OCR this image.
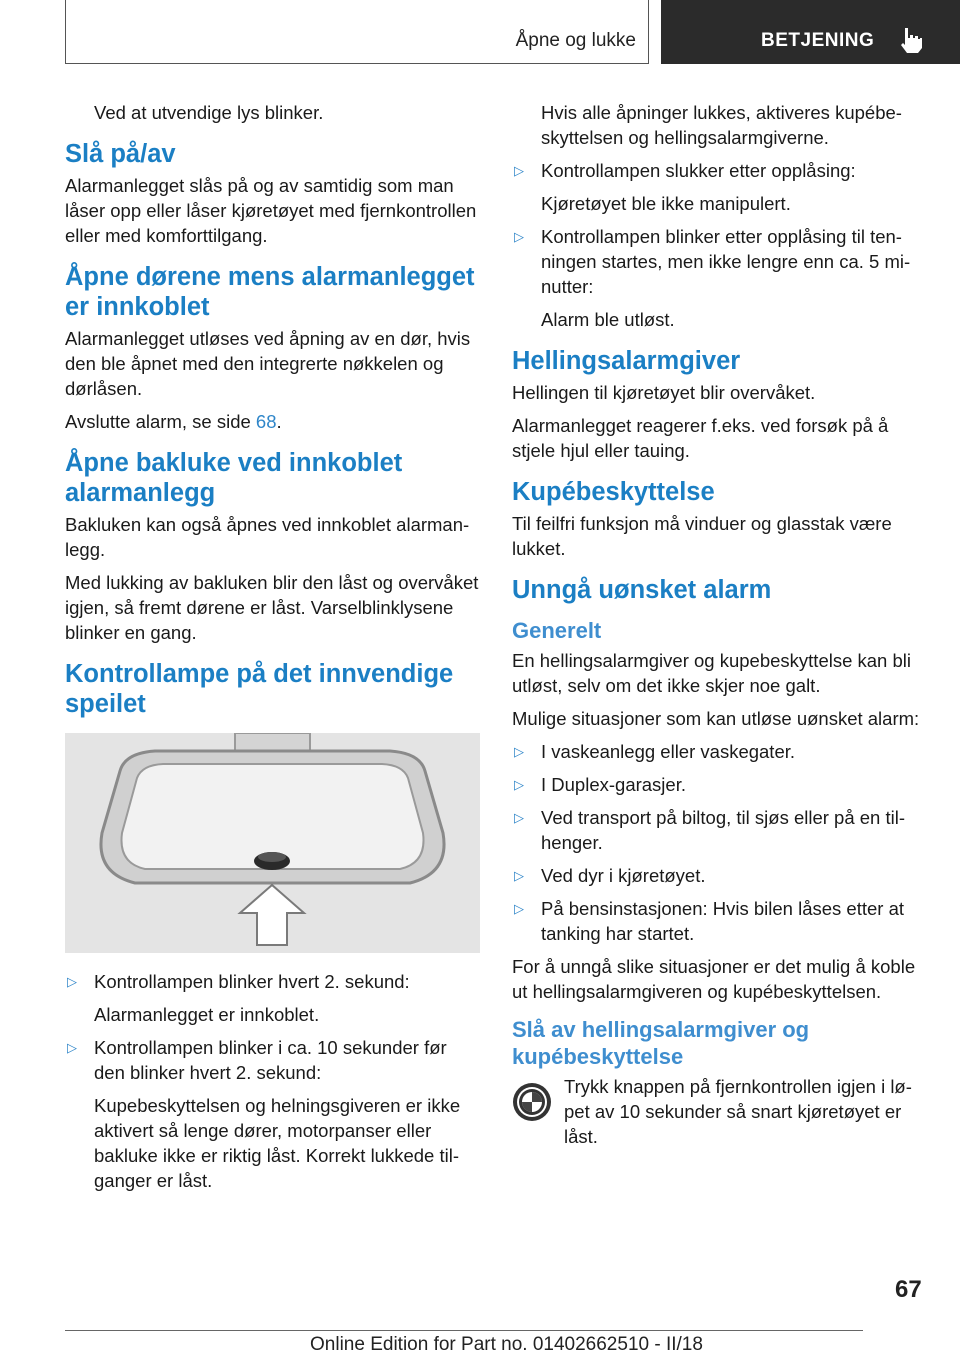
Åpne og lukke	BETJENING

Ved at utvendige lys blinker.

Slå på/av

Alarmanlegget slås på og av samtidig som man låser opp eller låser kjøretøyet med fjernkontrollen eller med komforttilgang.

Åpne dørene mens alarmanlegget er innkoblet

Alarmanlegget utløses ved åpning av en dør, hvis den ble åpnet med den integrerte nøkkelen og dørlåsen.

Avslutte alarm, se side 68.

Åpne bakluke ved innkoblet alarmanlegg

Bakluken kan også åpnes ved innkoblet alarmanlegg.

Med lukking av bakluken blir den låst og overvåket igjen, så fremt dørene er låst. Varselblinklysene blinker en gang.

Kontrollampe på det innvendige speilet
▷ Kontrollampen blinker hvert 2. sekund:

Alarmanlegget er innkoblet.

▷ Kontrollampen blinker i ca. 10 sekunder før den blinker hvert 2. sekund:

Kupebeskyttelsen og helningsgiveren er ikke aktivert så lenge dører, motorpanser eller bakluke ikke er riktig låst. Korrekt lukkede tilganger er låst.

Hvis alle åpninger lukkes, aktiveres kupébeskyttelsen og hellingsalarmgiverne.

▷ Kontrollampen slukker etter opplåsing:

Kjøretøyet ble ikke manipulert.

▷ Kontrollampen blinker etter opplåsing til tenningen startes, men ikke lengre enn ca. 5 minutter:

Alarm ble utløst.

Hellingsalarmgiver

Hellingen til kjøretøyet blir overvåket.

Alarmanlegget reagerer f.eks. ved forsøk på å stjele hjul eller tauing.

Kupébeskyttelse

Til feilfri funksjon må vinduer og glasstak være lukket.

Unngå uønsket alarm
Generelt

En hellingsalarmgiver og kupebeskyttelse kan bli utløst, selv om det ikke skjer noe galt.

Mulige situasjoner som kan utløse uønsket alarm:

▷ I vaskeanlegg eller vaskegater.

▷ I Duplex-garasjer.

▷ Ved transport på biltog, til sjøs eller på en tilhenger.

▷ Ved dyr i kjøretøyet.

▷ På bensinstasjonen: Hvis bilen låses etter at tanking har startet.

For å unngå slike situasjoner er det mulig å koble ut hellingsalarmgiveren og kupébeskyttelsen.

Slå av hellingsalarmgiver og kupébeskyttelse

Trykk knappen på fjernkontrollen igjen i løpet av 10 sekunder så snart kjøretøyet er låst.

67
Online Edition for Part no. 01402662510 - II/18
